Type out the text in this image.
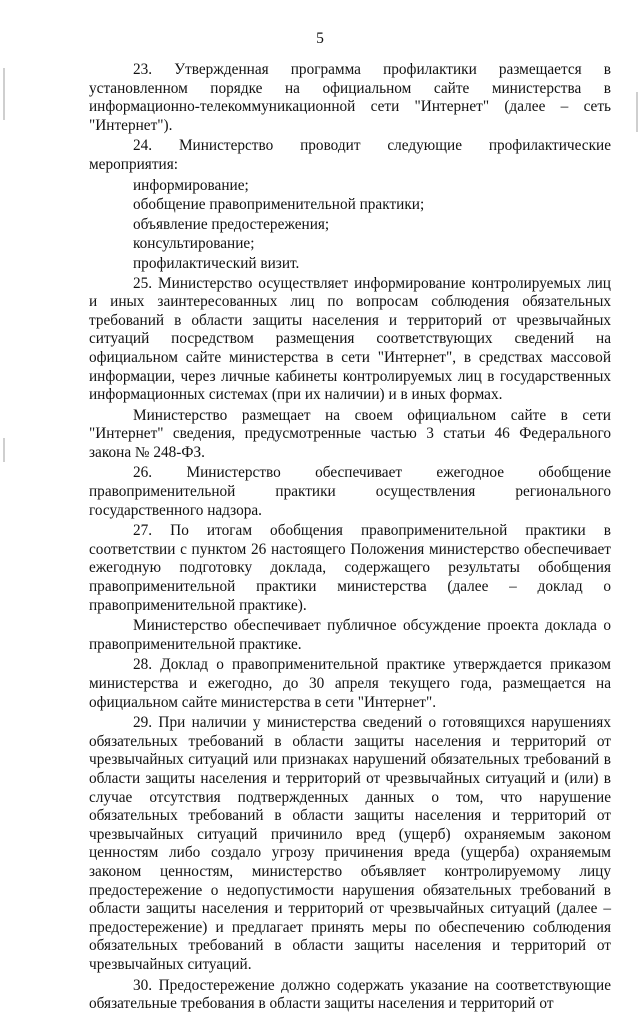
5

23. Утвержденная программа профилактики размещается в установленном порядке на официальном сайте министерства в информационно-телекоммуникационной сети "Интернет" (далее – сеть "Интернет").

24. Министерство проводит следующие профилактические мероприятия:

информирование;

обобщение правоприменительной практики;

объявление предостережения;

консультирование;

профилактический визит.

25. Министерство осуществляет информирование контролируемых лиц и иных заинтересованных лиц по вопросам соблюдения обязательных требований в области защиты населения и территорий от чрезвычайных ситуаций посредством размещения соответствующих сведений на официальном сайте министерства в сети "Интернет", в средствах массовой информации, через личные кабинеты контролируемых лиц в государственных информационных системах (при их наличии) и в иных формах.

Министерство размещает на своем официальном сайте в сети "Интернет" сведения, предусмотренные частью 3 статьи 46 Федерального закона № 248-ФЗ.

26. Министерство обеспечивает ежегодное обобщение правоприменительной практики осуществления регионального государственного надзора.

27. По итогам обобщения правоприменительной практики в соответствии с пунктом 26 настоящего Положения министерство обеспечивает ежегодную подготовку доклада, содержащего результаты обобщения правоприменительной практики министерства (далее – доклад о правоприменительной практике).

Министерство обеспечивает публичное обсуждение проекта доклада о правоприменительной практике.

28. Доклад о правоприменительной практике утверждается приказом министерства и ежегодно, до 30 апреля текущего года, размещается на официальном сайте министерства в сети "Интернет".

29. При наличии у министерства сведений о готовящихся нарушениях обязательных требований в области защиты населения и территорий от чрезвычайных ситуаций или признаках нарушений обязательных требований в области защиты населения и территорий от чрезвычайных ситуаций и (или) в случае отсутствия подтвержденных данных о том, что нарушение обязательных требований в области защиты населения и территорий от чрезвычайных ситуаций причинило вред (ущерб) охраняемым законом ценностям либо создало угрозу причинения вреда (ущерба) охраняемым законом ценностям, министерство объявляет контролируемому лицу предостережение о недопустимости нарушения обязательных требований в области защиты населения и территорий от чрезвычайных ситуаций (далее – предостережение) и предлагает принять меры по обеспечению соблюдения обязательных требований в области защиты населения и территорий от чрезвычайных ситуаций.

30. Предостережение должно содержать указание на соответствующие обязательные требования в области защиты населения и территорий от
